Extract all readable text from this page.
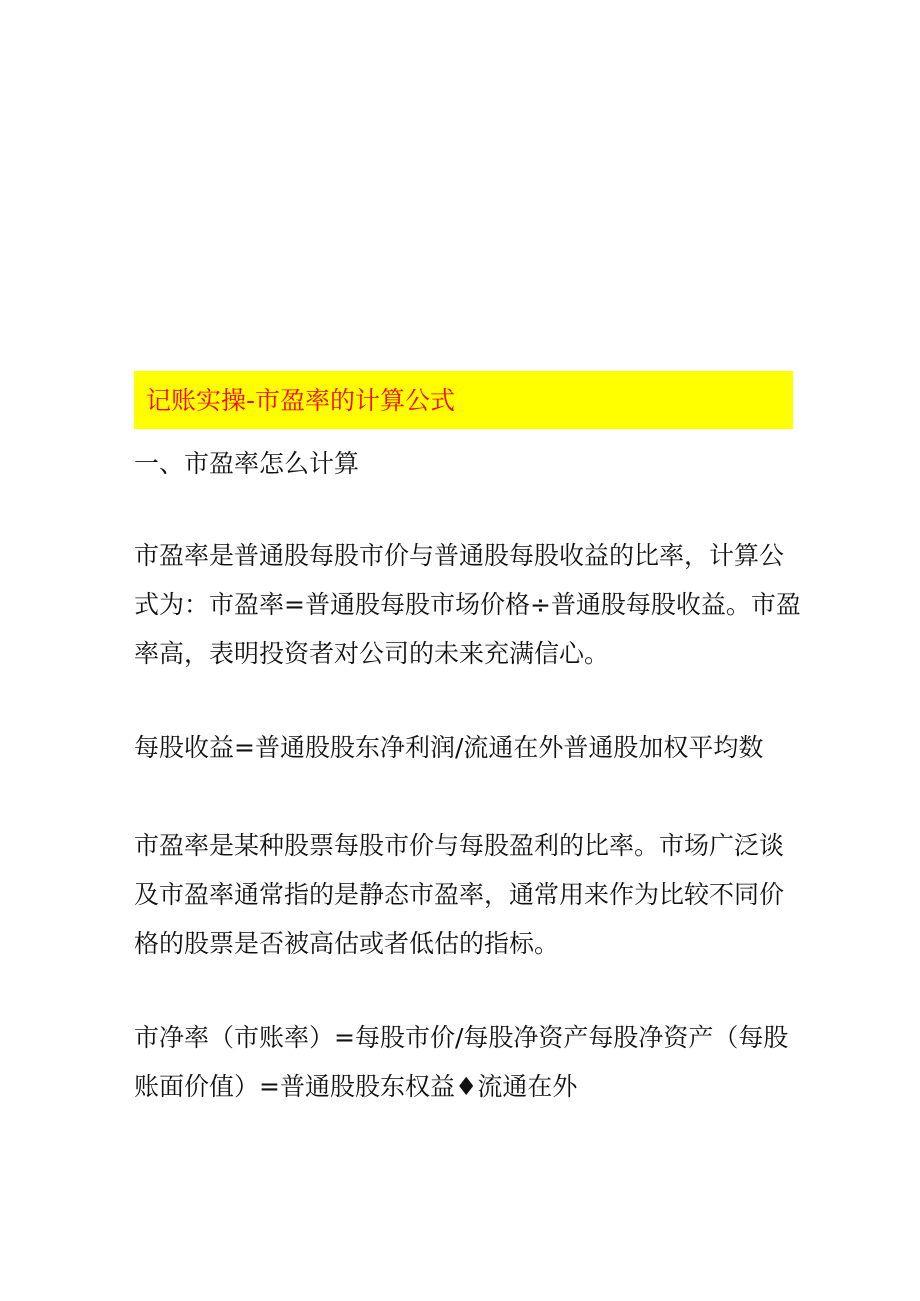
记账实操-市盈率的计算公式

一、市盈率怎么计算

市盈率是普通股每股市价与普通股每股收益的比率，计算公
式为：市盈率=普通股每股市场价格÷普通股每股收益。市盈
率高，表明投资者对公司的未来充满信心。

每股收益=普通股股东净利润/流通在外普通股加权平均数

市盈率是某种股票每股市价与每股盈利的比率。市场广泛谈
及市盈率通常指的是静态市盈率，通常用来作为比较不同价
格的股票是否被高估或者低估的指标。

市净率（市账率）=每股市价/每股净资产每股净资产（每股
账面价值）=普通股股东权益♦流通在外
